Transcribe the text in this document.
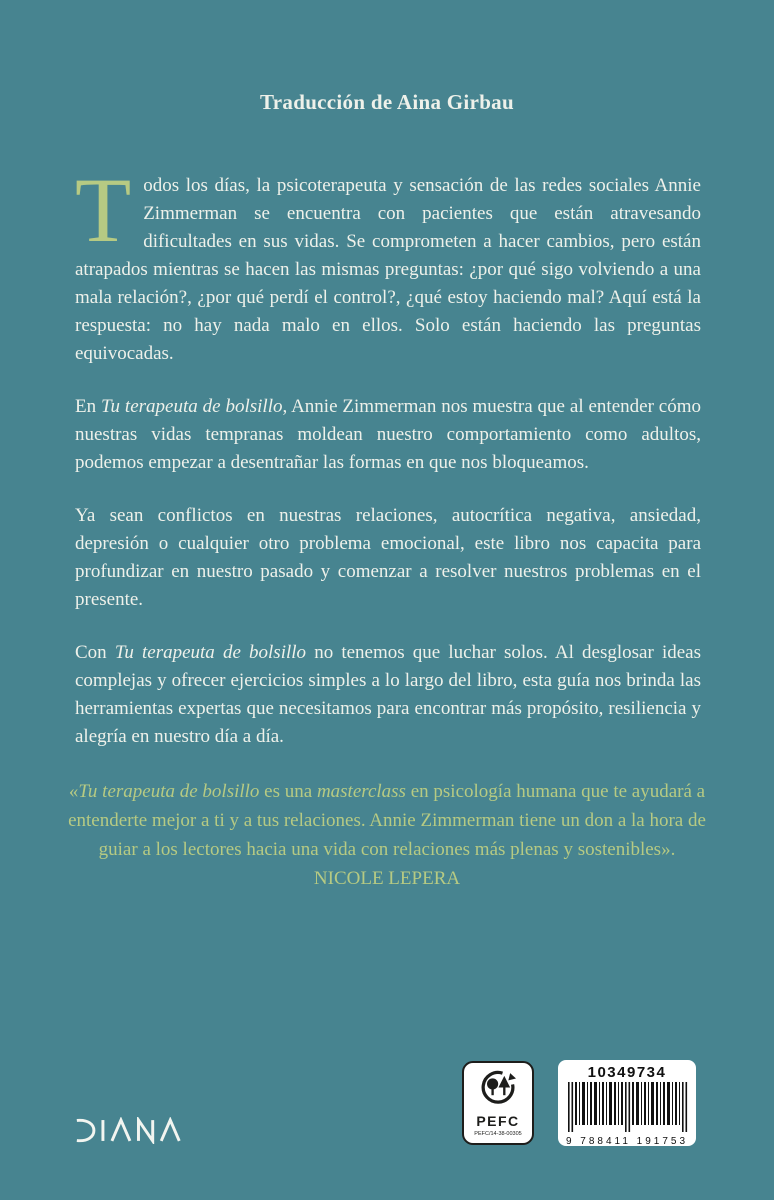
Traducción de Aina Girbau

Todos los días, la psicoterapeuta y sensación de las redes sociales Annie Zimmerman se encuentra con pacientes que están atravesando dificultades en sus vidas. Se comprometen a hacer cambios, pero están atrapados mientras se hacen las mismas preguntas: ¿por qué sigo volviendo a una mala relación?, ¿por qué perdí el control?, ¿qué estoy haciendo mal? Aquí está la respuesta: no hay nada malo en ellos. Solo están haciendo las preguntas equivocadas.

En Tu terapeuta de bolsillo, Annie Zimmerman nos muestra que al entender cómo nuestras vidas tempranas moldean nuestro comportamiento como adultos, podemos empezar a desentrañar las formas en que nos bloqueamos.

Ya sean conflictos en nuestras relaciones, autocrítica negativa, ansiedad, depresión o cualquier otro problema emocional, este libro nos capacita para profundizar en nuestro pasado y comenzar a resolver nuestros problemas en el presente.

Con Tu terapeuta de bolsillo no tenemos que luchar solos. Al desglosar ideas complejas y ofrecer ejercicios simples a lo largo del libro, esta guía nos brinda las herramientas expertas que necesitamos para encontrar más propósito, resiliencia y alegría en nuestro día a día.

«Tu terapeuta de bolsillo es una masterclass en psicología humana que te ayudará a entenderte mejor a ti y a tus relaciones. Annie Zimmerman tiene un don a la hora de guiar a los lectores hacia una vida con relaciones más plenas y sostenibles». NICOLE LEPERA
PEFC
PEFC/14-38-00305
10349734
9 788411 191753
